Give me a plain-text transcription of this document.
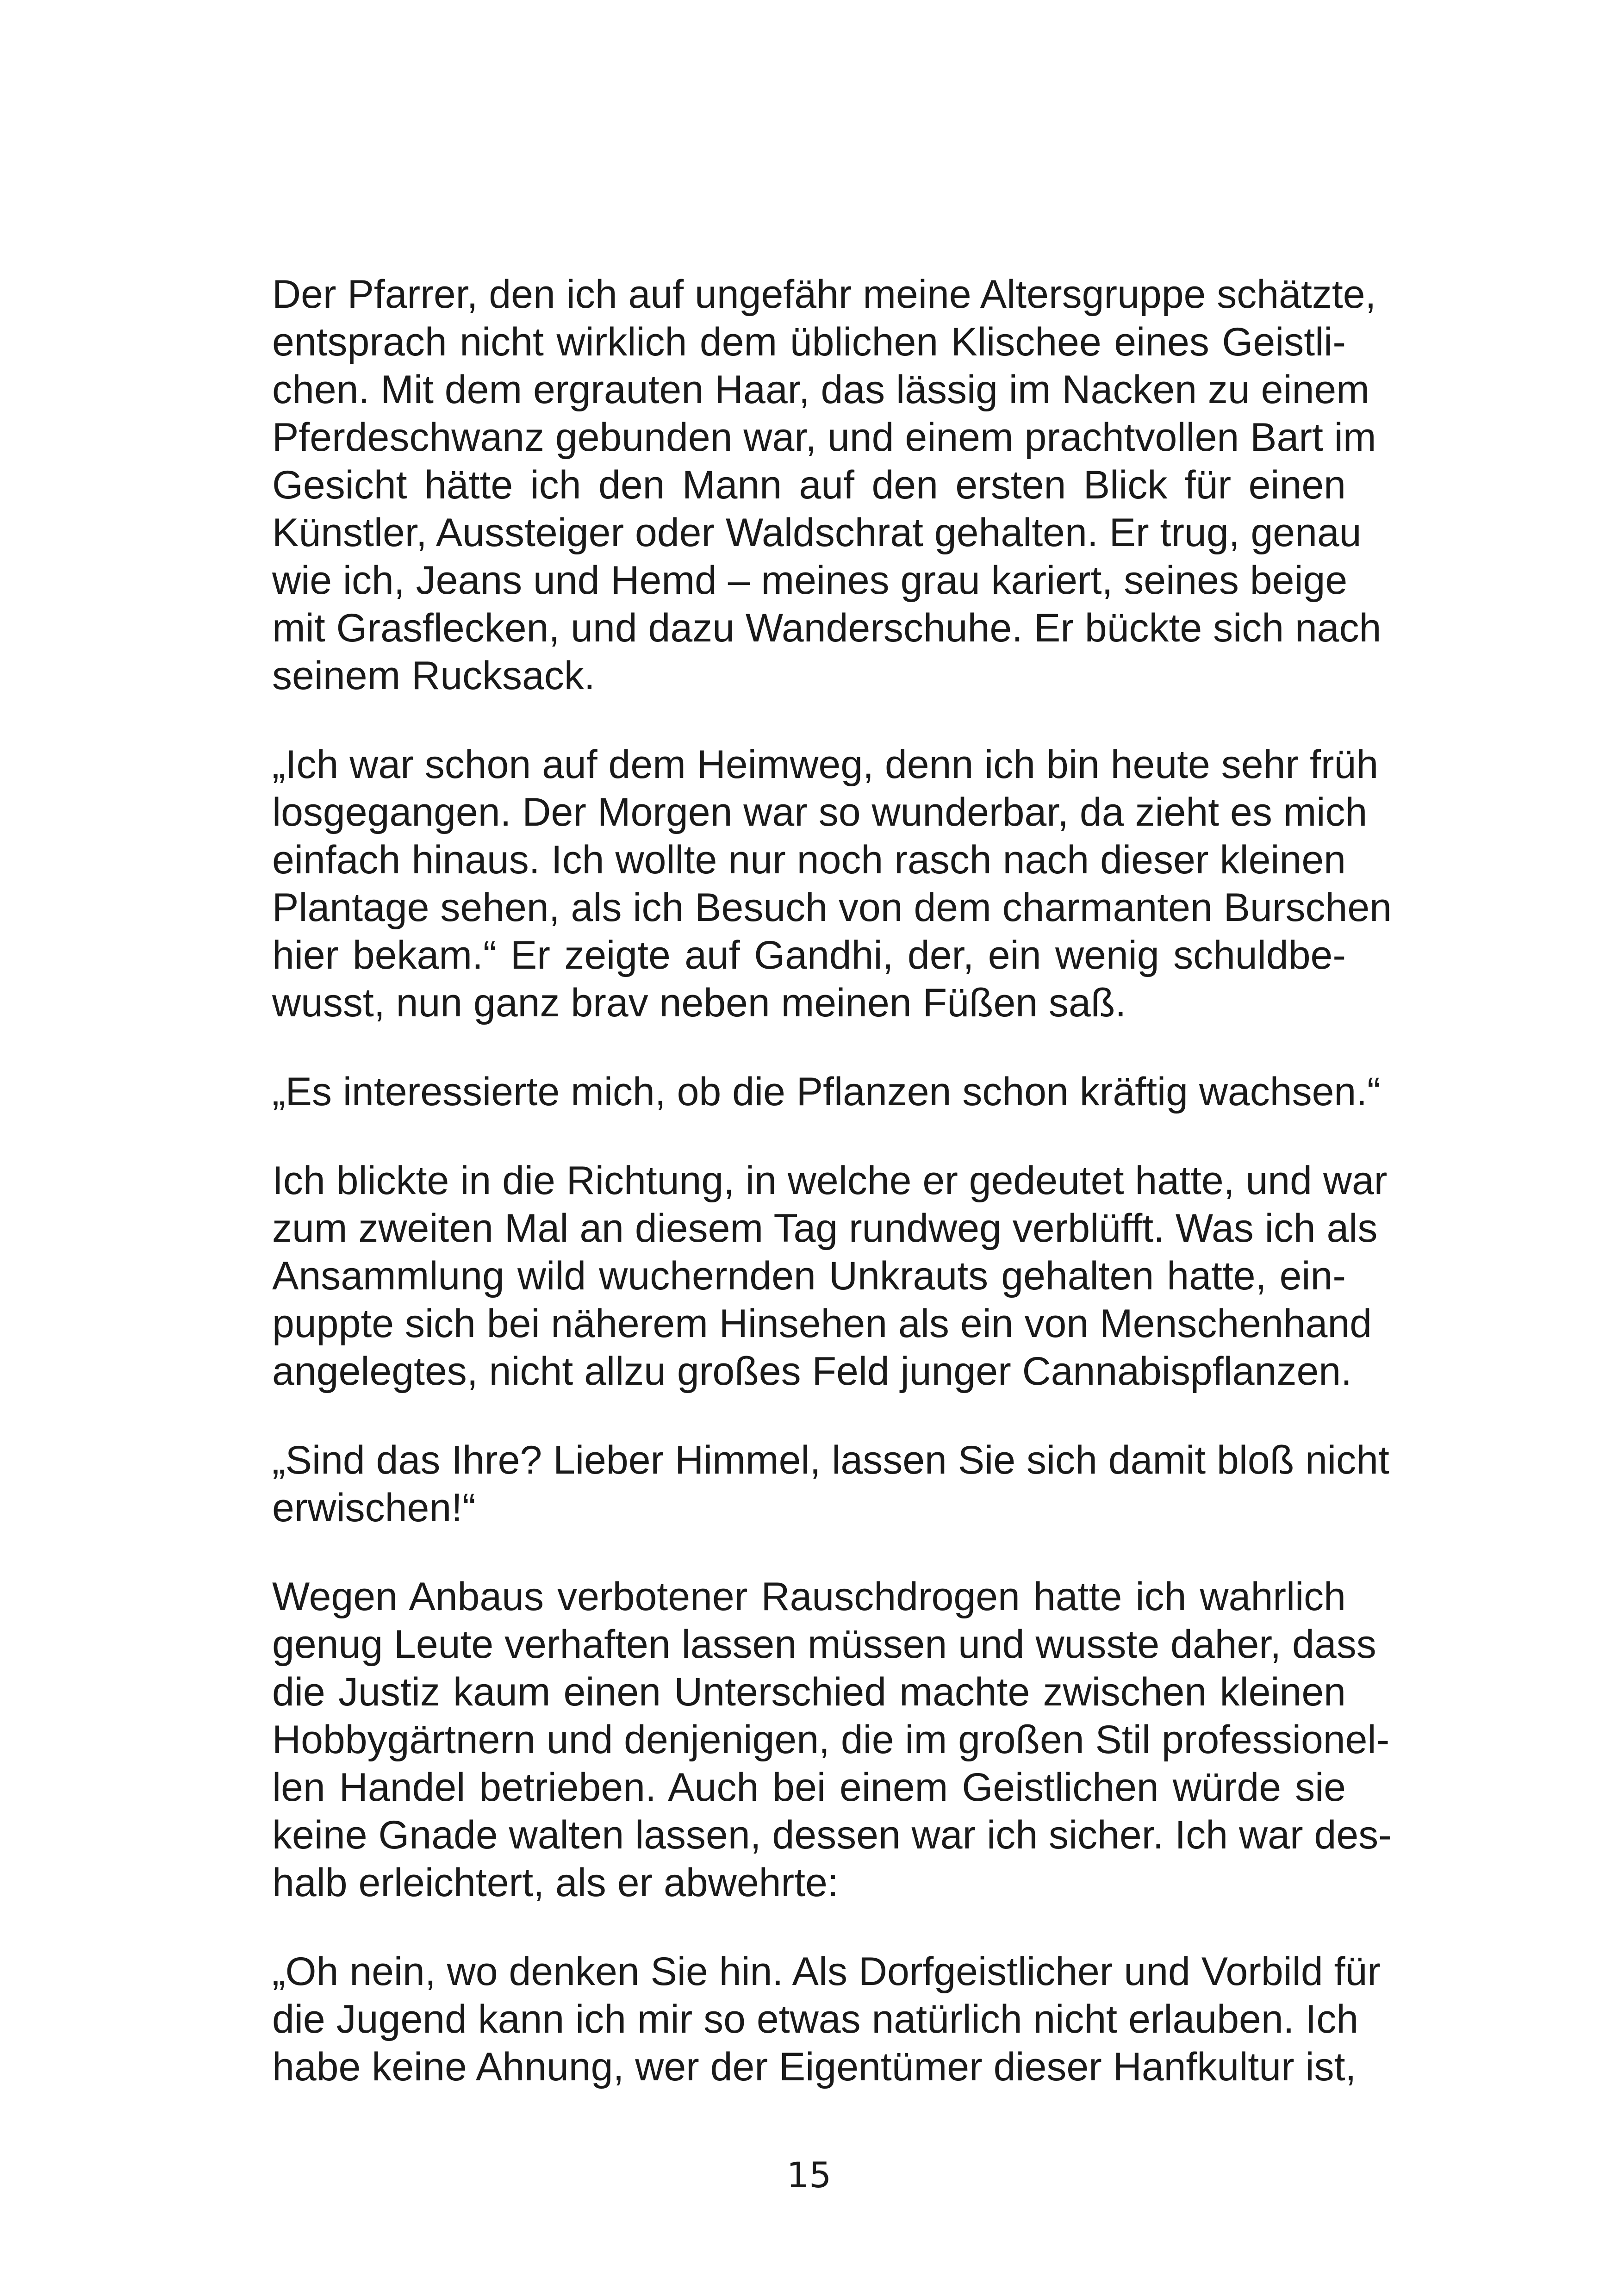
Der Pfarrer, den ich auf ungefähr meine Altersgruppe schätzte,
entsprach nicht wirklich dem üblichen Klischee eines Geistli-
chen. Mit dem ergrauten Haar, das lässig im Nacken zu einem
Pferdeschwanz gebunden war, und einem prachtvollen Bart im
Gesicht hätte ich den Mann auf den ersten Blick für einen
Künstler, Aussteiger oder Waldschrat gehalten. Er trug, genau
wie ich, Jeans und Hemd – meines grau kariert, seines beige
mit Grasflecken, und dazu Wanderschuhe. Er bückte sich nach
seinem Rucksack.

„Ich war schon auf dem Heimweg, denn ich bin heute sehr früh
losgegangen. Der Morgen war so wunderbar, da zieht es mich
einfach hinaus. Ich wollte nur noch rasch nach dieser kleinen
Plantage sehen, als ich Besuch von dem charmanten Burschen
hier bekam.“ Er zeigte auf Gandhi, der, ein wenig schuldbe-
wusst, nun ganz brav neben meinen Füßen saß.

„Es interessierte mich, ob die Pflanzen schon kräftig wachsen.“

Ich blickte in die Richtung, in welche er gedeutet hatte, und war
zum zweiten Mal an diesem Tag rundweg verblüfft. Was ich als
Ansammlung wild wuchernden Unkrauts gehalten hatte, ein-
puppte sich bei näherem Hinsehen als ein von Menschenhand
angelegtes, nicht allzu großes Feld junger Cannabispflanzen.

„Sind das Ihre? Lieber Himmel, lassen Sie sich damit bloß nicht
erwischen!“

Wegen Anbaus verbotener Rauschdrogen hatte ich wahrlich
genug Leute verhaften lassen müssen und wusste daher, dass
die Justiz kaum einen Unterschied machte zwischen kleinen
Hobbygärtnern und denjenigen, die im großen Stil professionel-
len Handel betrieben. Auch bei einem Geistlichen würde sie
keine Gnade walten lassen, dessen war ich sicher. Ich war des-
halb erleichtert, als er abwehrte:

„Oh nein, wo denken Sie hin. Als Dorfgeistlicher und Vorbild für
die Jugend kann ich mir so etwas natürlich nicht erlauben. Ich
habe keine Ahnung, wer der Eigentümer dieser Hanfkultur ist,

15
